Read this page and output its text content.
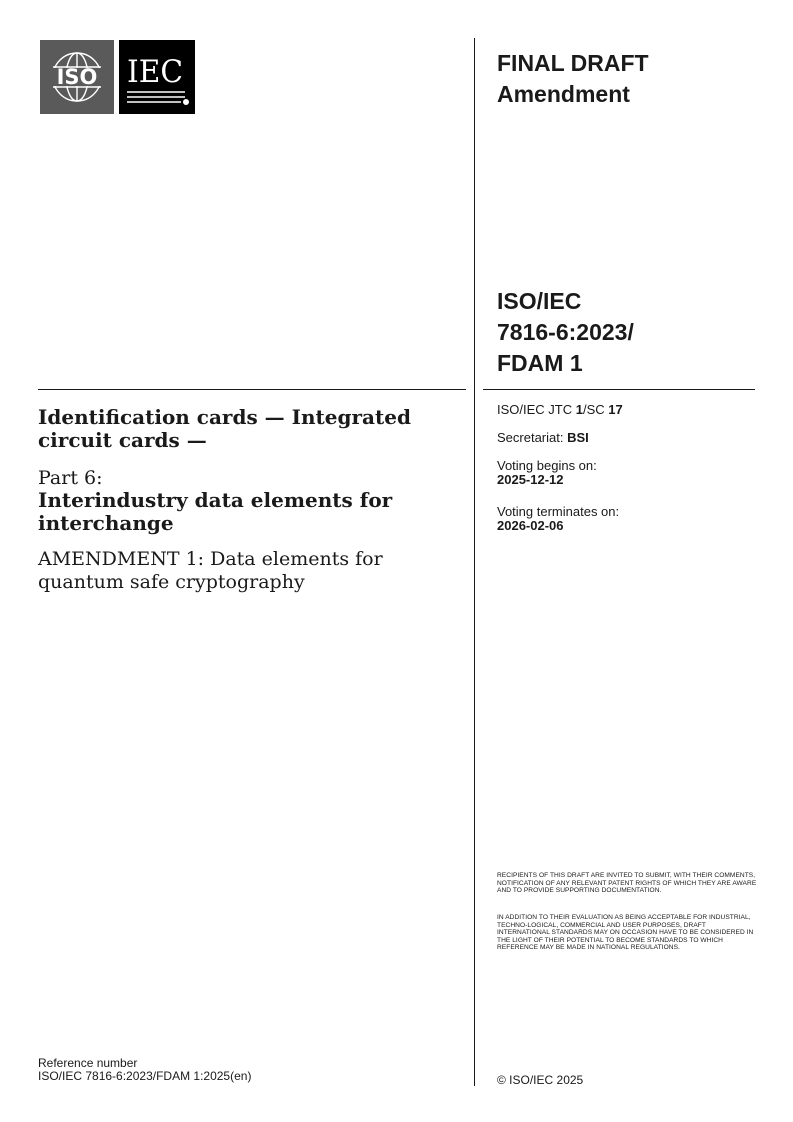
ISO IEC	FINAL DRAFT
Amendment
ISO/IEC
7816-6:2023/
FDAM 1
Identification cards — Integrated circuit cards —
Part 6:
Interindustry data elements for interchange
AMENDMENT 1: Data elements for quantum safe cryptography
ISO/IEC JTC 1/SC 17
Secretariat: BSI
Voting begins on:
2025-12-12
Voting terminates on:
2026-02-06
RECIPIENTS OF THIS DRAFT ARE INVITED TO SUBMIT, WITH THEIR COMMENTS, NOTIFICATION OF ANY RELEVANT PATENT RIGHTS OF WHICH THEY ARE AWARE AND TO PROVIDE SUPPORTING DOCUMENTATION.
IN ADDITION TO THEIR EVALUATION AS BEING ACCEPTABLE FOR INDUSTRIAL, TECHNO-LOGICAL, COMMERCIAL AND USER PURPOSES, DRAFT INTERNATIONAL STANDARDS MAY ON OCCASION HAVE TO BE CONSIDERED IN THE LIGHT OF THEIR POTENTIAL TO BECOME STANDARDS TO WHICH REFERENCE MAY BE MADE IN NATIONAL REGULATIONS.
Reference number
ISO/IEC 7816-6:2023/FDAM 1:2025(en)	© ISO/IEC 2025
